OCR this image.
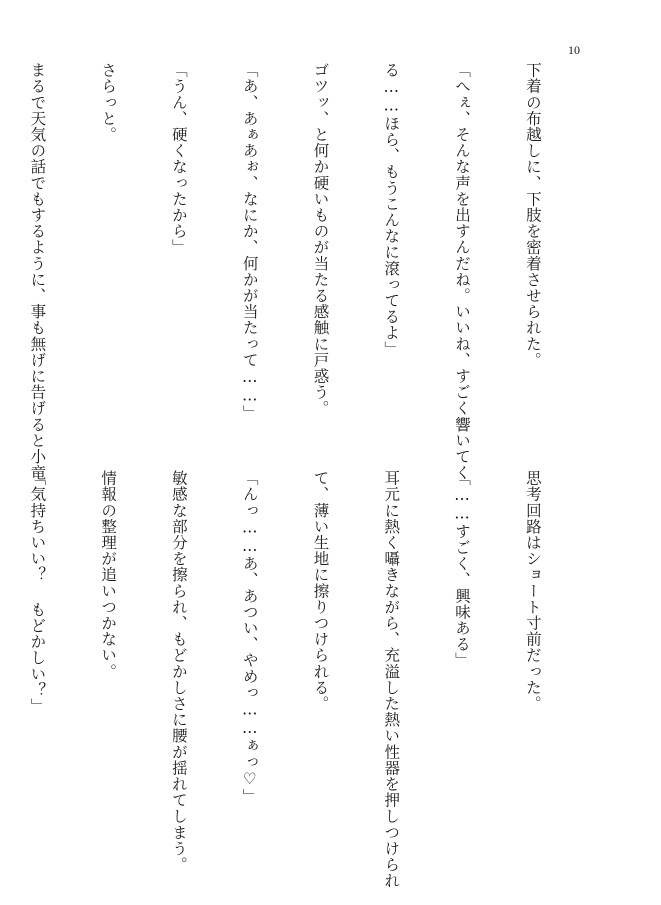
10

下着の布越しに、下肢を密着させられた。

「へぇ、そんな声を出すんだね。いいね、すごく響いてく

る……ほら、もうこんなに滾ってるよ」

ゴツッ、と何か硬いものが当たる感触に戸惑う。

「あ、あぁあぉ、なにか、何かが当たって……」

「うん、硬くなったから」

さらっと。

まるで天気の話でもするように、事も無げに告げると小竜

思考回路はショート寸前だった。

「……すごく、興味ある」

耳元に熱く囁きながら、充溢した熱い性器を押しつけられ

て、薄い生地に擦りつけられる。

「んっ……あ、あつい、やめっ……ぁっ♡」

敏感な部分を擦られ、もどかしさに腰が揺れてしまう。

情報の整理が追いつかない。

「気持ちいい？ もどかしい？」
